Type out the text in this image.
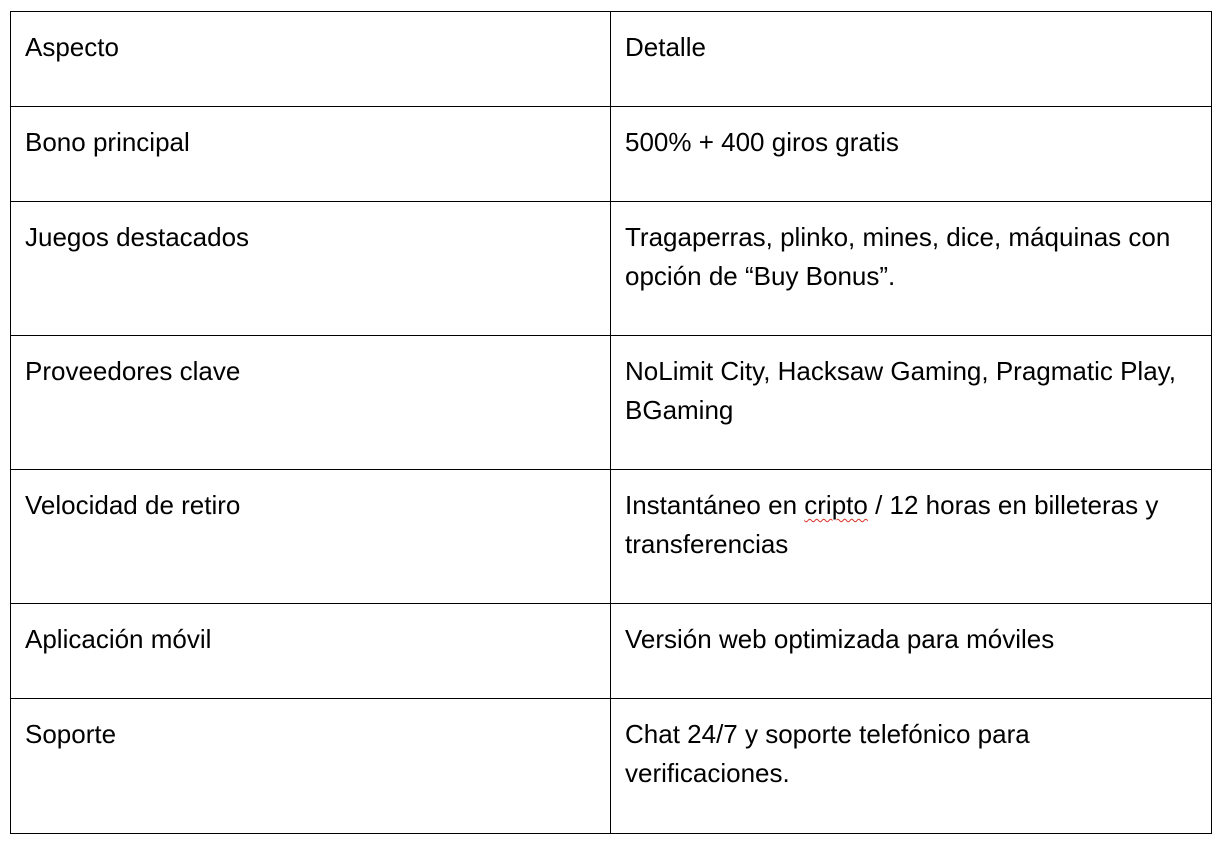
Aspecto	Detalle
Bono principal	500% + 400 giros gratis
Juegos destacados	Tragaperras, plinko, mines, dice, máquinas con opción de “Buy Bonus”.
Proveedores clave	NoLimit City, Hacksaw Gaming, Pragmatic Play, BGaming
Velocidad de retiro	Instantáneo en cripto / 12 horas en billeteras y transferencias
Aplicación móvil	Versión web optimizada para móviles
Soporte	Chat 24/7 y soporte telefónico para verificaciones.
